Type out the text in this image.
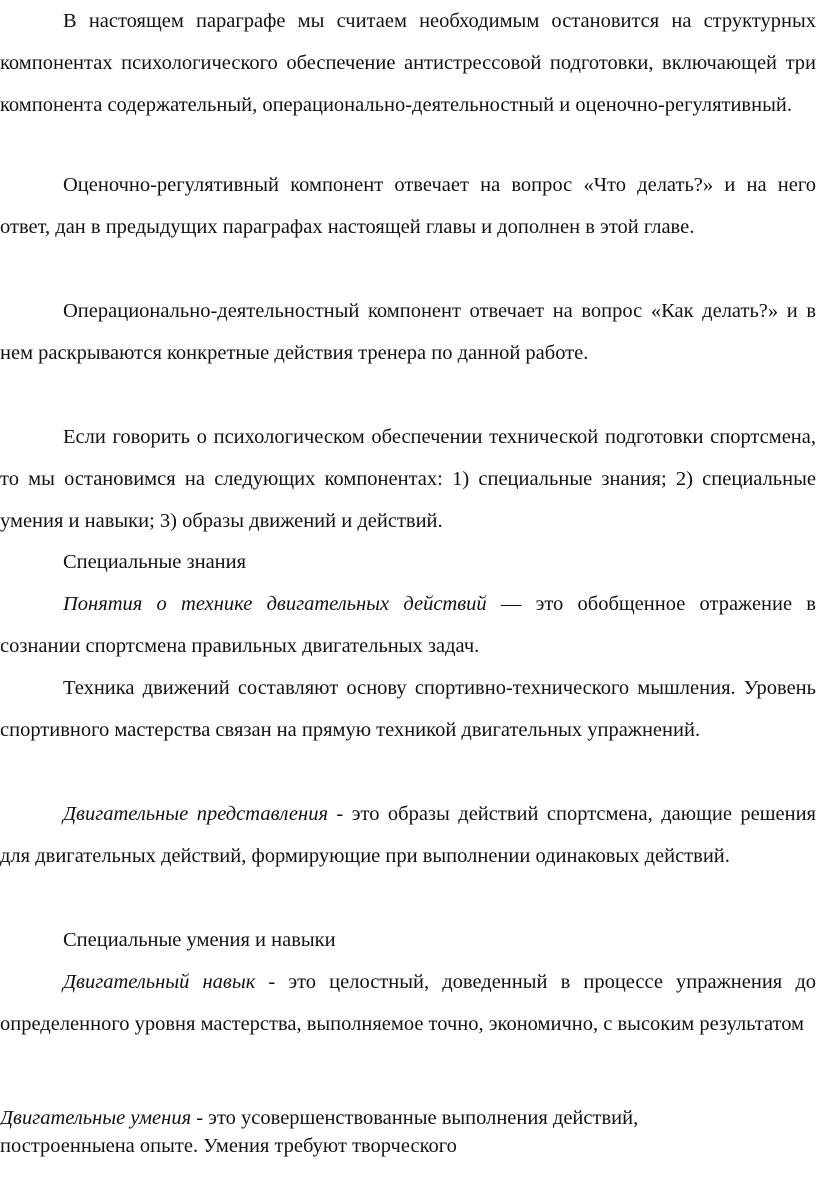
В настоящем параграфе мы считаем необходимым остановится на структурных компонентах психологического обеспечение антистрессовой подготовки, включающей три компонента содержательный, операционально-деятельностный и оценочно-регулятивный.

Оценочно-регулятивный компонент отвечает на вопрос «Что делать?» и на него ответ, дан в предыдущих параграфах настоящей главы и дополнен в этой главе.

Операционально-деятельностный компонент отвечает на вопрос «Как делать?» и в нем раскрываются конкретные действия тренера по данной работе.

Если говорить о психологическом обеспечении технической подготовки спортсмена, то мы остановимся на следующих компонентах: 1) специальные знания; 2) специальные умения и навыки; 3) образы движений и действий.

Специальные знания

Понятия о технике двигательных действий — это обобщенное отражение в сознании спортсмена правильных двигательных задач.

Техника движений составляют основу спортивно-технического мышления. Уровень спортивного мастерства связан на прямую техникой двигательных упражнений.

Двигательные представления - это образы действий спортсмена, дающие решения для двигательных действий, формирующие при выполнении одинаковых действий.

Специальные умения и навыки

Двигательный навык - это целостный, доведенный в процессе упражнения до определенного уровня мастерства, выполняемое точно, экономично, с высоким результатом

Двигательные умения - это усовершенствованные выполнения действий,
построенныена опыте. Умения требуют творческого
